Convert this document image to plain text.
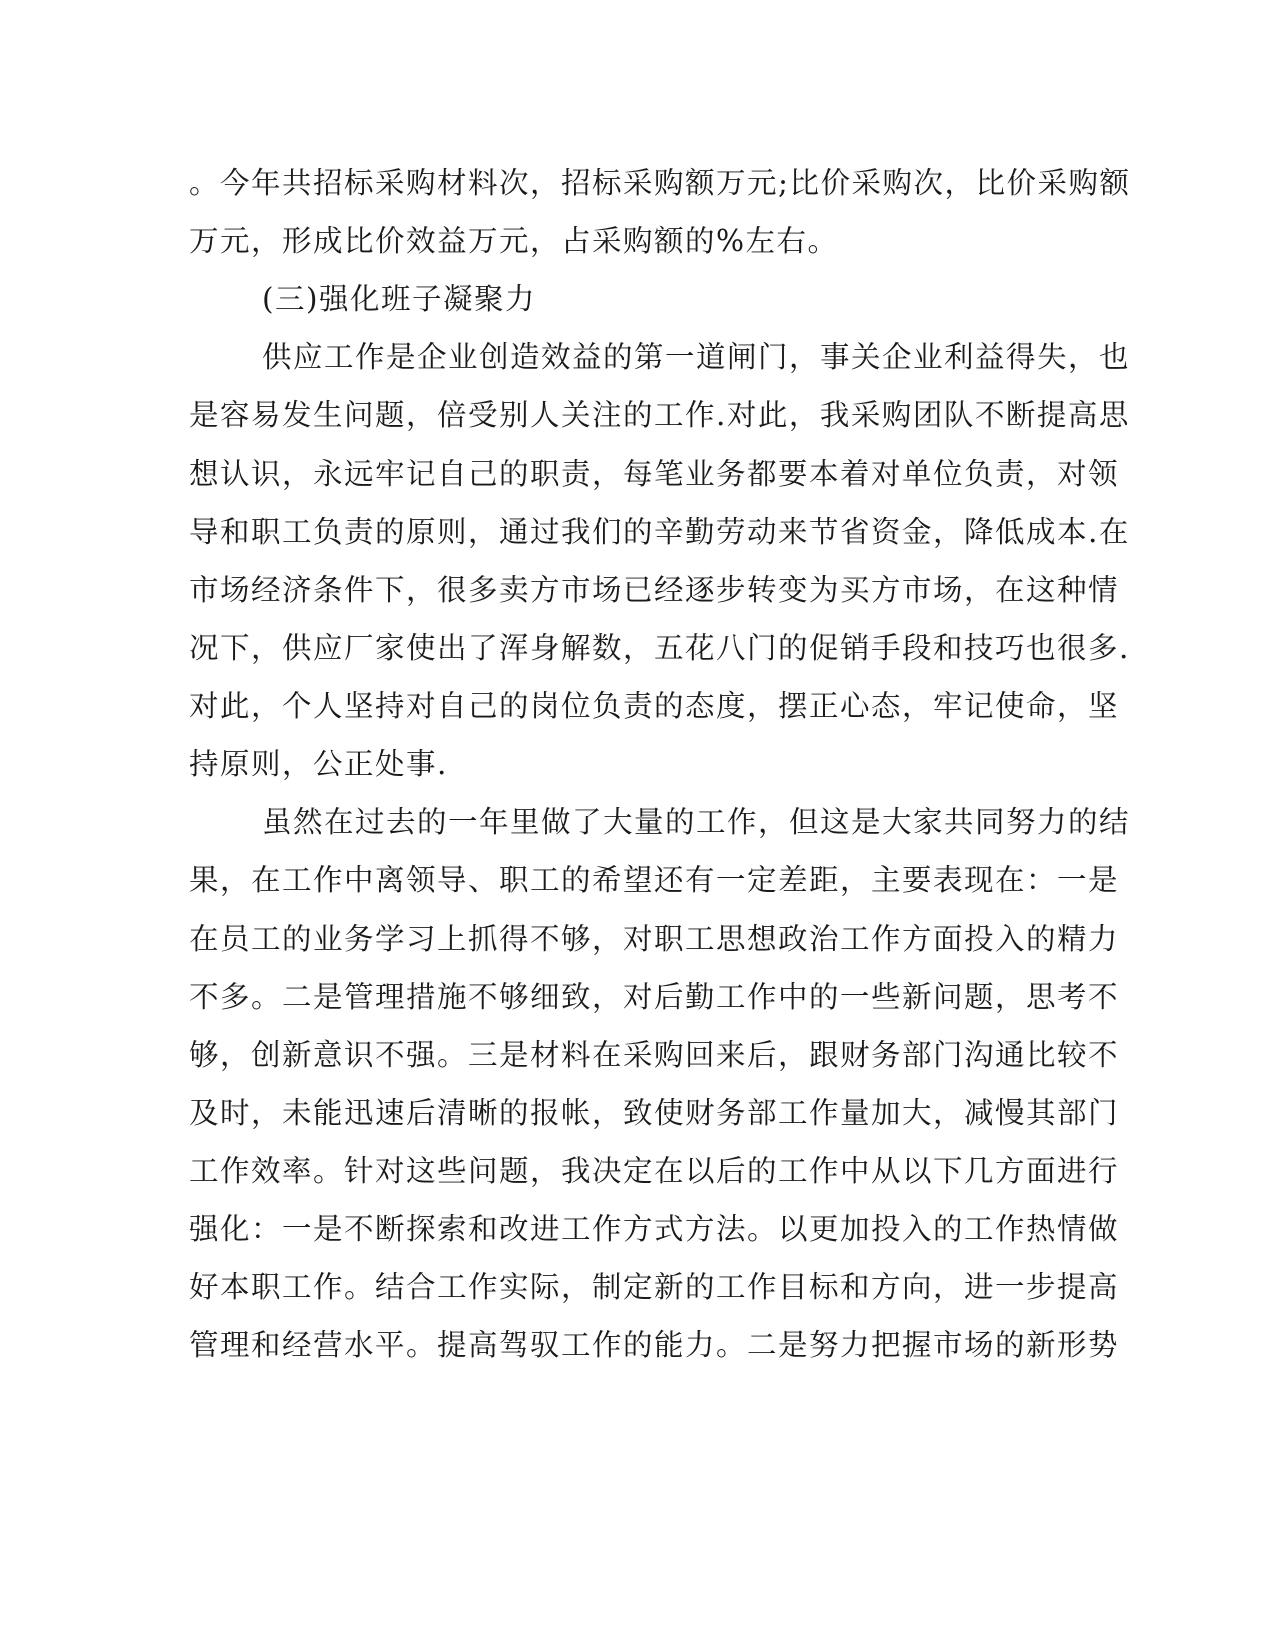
。今年共招标采购材料次，招标采购额万元;比价采购次，比价采购额
万元，形成比价效益万元，占采购额的%左右。
(三)强化班子凝聚力
供应工作是企业创造效益的第一道闸门，事关企业利益得失，也
是容易发生问题，倍受别人关注的工作.对此，我采购团队不断提高思
想认识，永远牢记自己的职责，每笔业务都要本着对单位负责，对领
导和职工负责的原则，通过我们的辛勤劳动来节省资金，降低成本.在
市场经济条件下，很多卖方市场已经逐步转变为买方市场，在这种情
况下，供应厂家使出了浑身解数，五花八门的促销手段和技巧也很多.
对此，个人坚持对自己的岗位负责的态度，摆正心态，牢记使命，坚
持原则，公正处事.
虽然在过去的一年里做了大量的工作，但这是大家共同努力的结
果，在工作中离领导、职工的希望还有一定差距，主要表现在：一是
在员工的业务学习上抓得不够，对职工思想政治工作方面投入的精力
不多。二是管理措施不够细致，对后勤工作中的一些新问题，思考不
够，创新意识不强。三是材料在采购回来后，跟财务部门沟通比较不
及时，未能迅速后清晰的报帐，致使财务部工作量加大，减慢其部门
工作效率。针对这些问题，我决定在以后的工作中从以下几方面进行
强化：一是不断探索和改进工作方式方法。以更加投入的工作热情做
好本职工作。结合工作实际，制定新的工作目标和方向，进一步提高
管理和经营水平。提高驾驭工作的能力。二是努力把握市场的新形势
